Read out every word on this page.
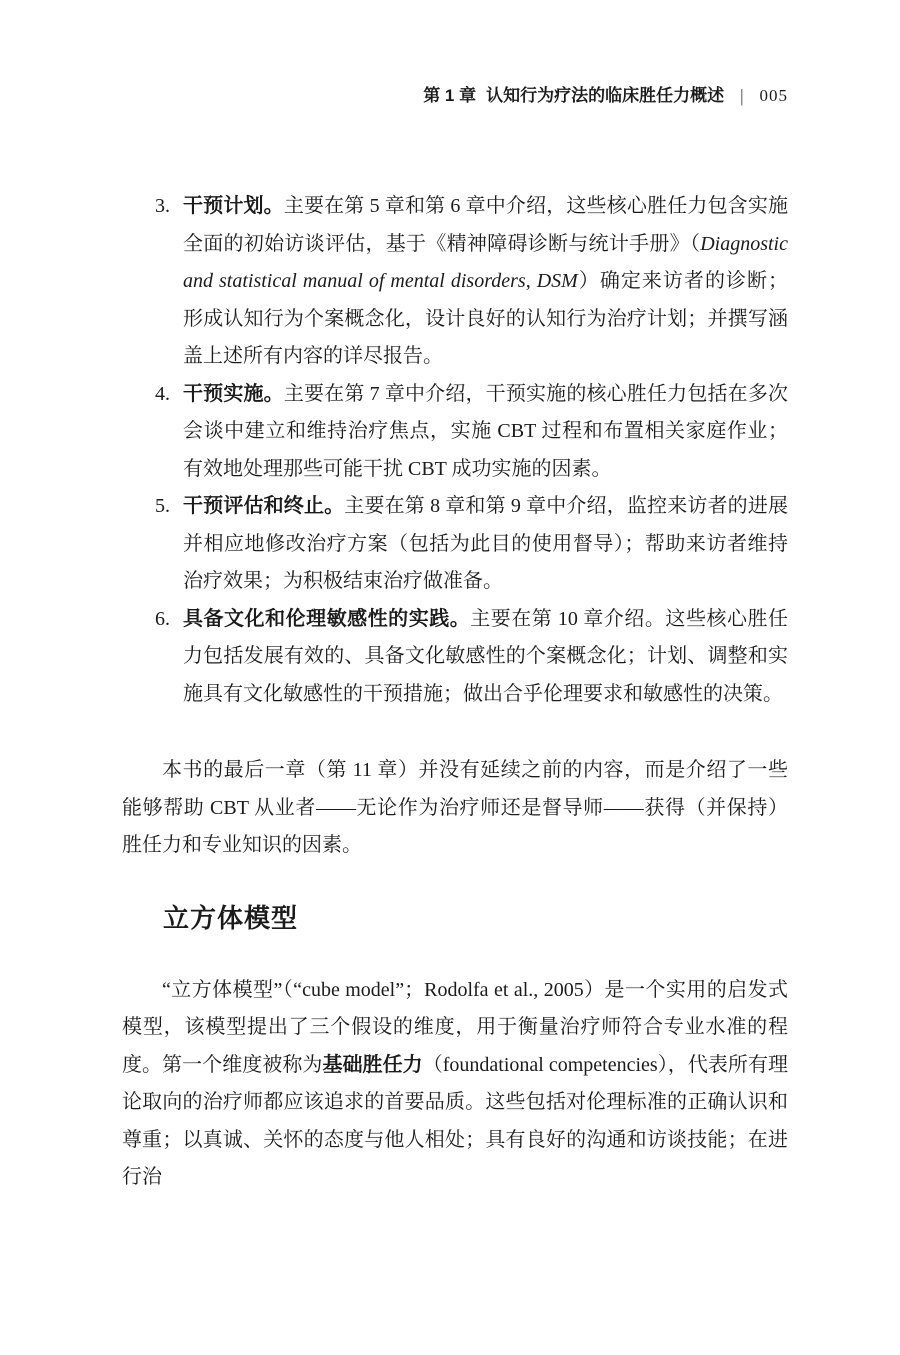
第 1 章 认知行为疗法的临床胜任力概述 | 005
3. 干预计划。主要在第 5 章和第 6 章中介绍，这些核心胜任力包含实施全面的初始访谈评估，基于《精神障碍诊断与统计手册》（Diagnostic and statistical manual of mental disorders, DSM）确定来访者的诊断；形成认知行为个案概念化，设计良好的认知行为治疗计划；并撰写涵盖上述所有内容的详尽报告。
4. 干预实施。主要在第 7 章中介绍，干预实施的核心胜任力包括在多次会谈中建立和维持治疗焦点，实施 CBT 过程和布置相关家庭作业；有效地处理那些可能干扰 CBT 成功实施的因素。
5. 干预评估和终止。主要在第 8 章和第 9 章中介绍，监控来访者的进展并相应地修改治疗方案（包括为此目的使用督导）；帮助来访者维持治疗效果；为积极结束治疗做准备。
6. 具备文化和伦理敏感性的实践。主要在第 10 章介绍。这些核心胜任力包括发展有效的、具备文化敏感性的个案概念化；计划、调整和实施具有文化敏感性的干预措施；做出合乎伦理要求和敏感性的决策。

本书的最后一章（第 11 章）并没有延续之前的内容，而是介绍了一些能够帮助 CBT 从业者——无论作为治疗师还是督导师——获得（并保持）胜任力和专业知识的因素。

立方体模型

“立方体模型”（“cube model”；Rodolfa et al., 2005）是一个实用的启发式模型，该模型提出了三个假设的维度，用于衡量治疗师符合专业水准的程度。第一个维度被称为基础胜任力（foundational competencies），代表所有理论取向的治疗师都应该追求的首要品质。这些包括对伦理标准的正确认识和尊重；以真诚、关怀的态度与他人相处；具有良好的沟通和访谈技能；在进行治
